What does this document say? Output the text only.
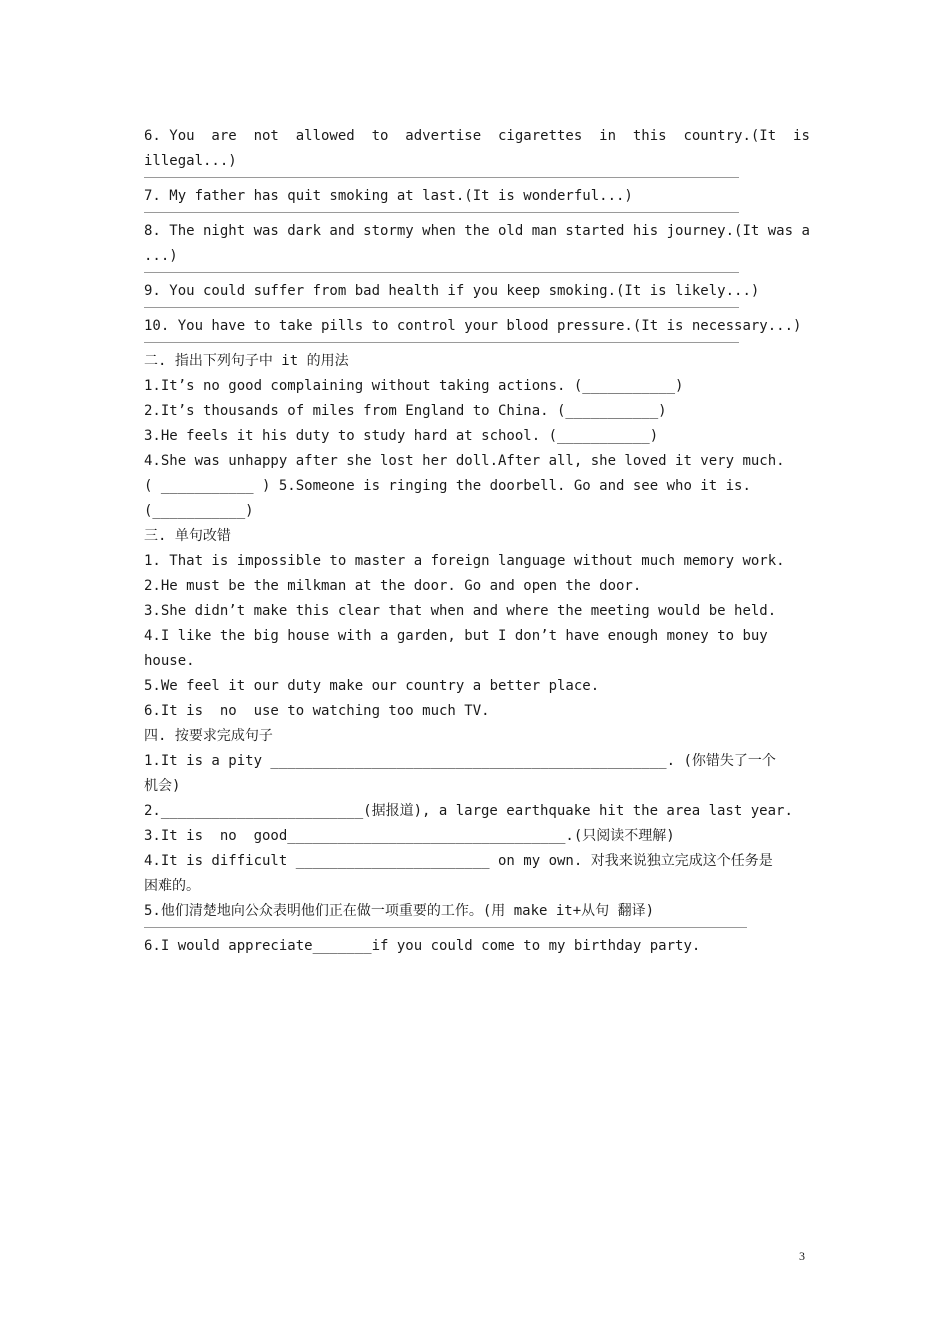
6. You  are  not  allowed  to  advertise  cigarettes  in  this  country.(It  is
illegal...)
7. My father has quit smoking at last.(It is wonderful...)
8. The night was dark and stormy when the old man started his journey.(It was a
...)
9. You could suffer from bad health if you keep smoking.(It is likely...)
10. You have to take pills to control your blood pressure.(It is necessary...)
二. 指出下列句子中 it 的用法
1.It’s no good complaining without taking actions. (___________)
2.It’s thousands of miles from England to China. (___________)
3.He feels it his duty to study hard at school. (___________)
4.She was unhappy after she lost her doll.After all, she loved it very much.
( ___________ ) 5.Someone is ringing the doorbell. Go and see who it is.
(___________)
三. 单句改错
1. That is impossible to master a foreign language without much memory work.
2.He must be the milkman at the door. Go and open the door.
3.She didn’t make this clear that when and where the meeting would be held.
4.I like the big house with a garden, but I don’t have enough money to buy
house.
5.We feel it our duty make our country a better place.
6.It is  no  use to watching too much TV.
四. 按要求完成句子
1.It is a pity _______________________________________________. (你错失了一个
机会)
2.________________________(据报道), a large earthquake hit the area last year.
3.It is  no  good_________________________________.(只阅读不理解)
4.It is difficult _______________________ on my own. 对我来说独立完成这个任务是
困难的。
5.他们清楚地向公众表明他们正在做一项重要的工作。(用 make it+从句 翻译)
6.I would appreciate_______if you could come to my birthday party.
3
